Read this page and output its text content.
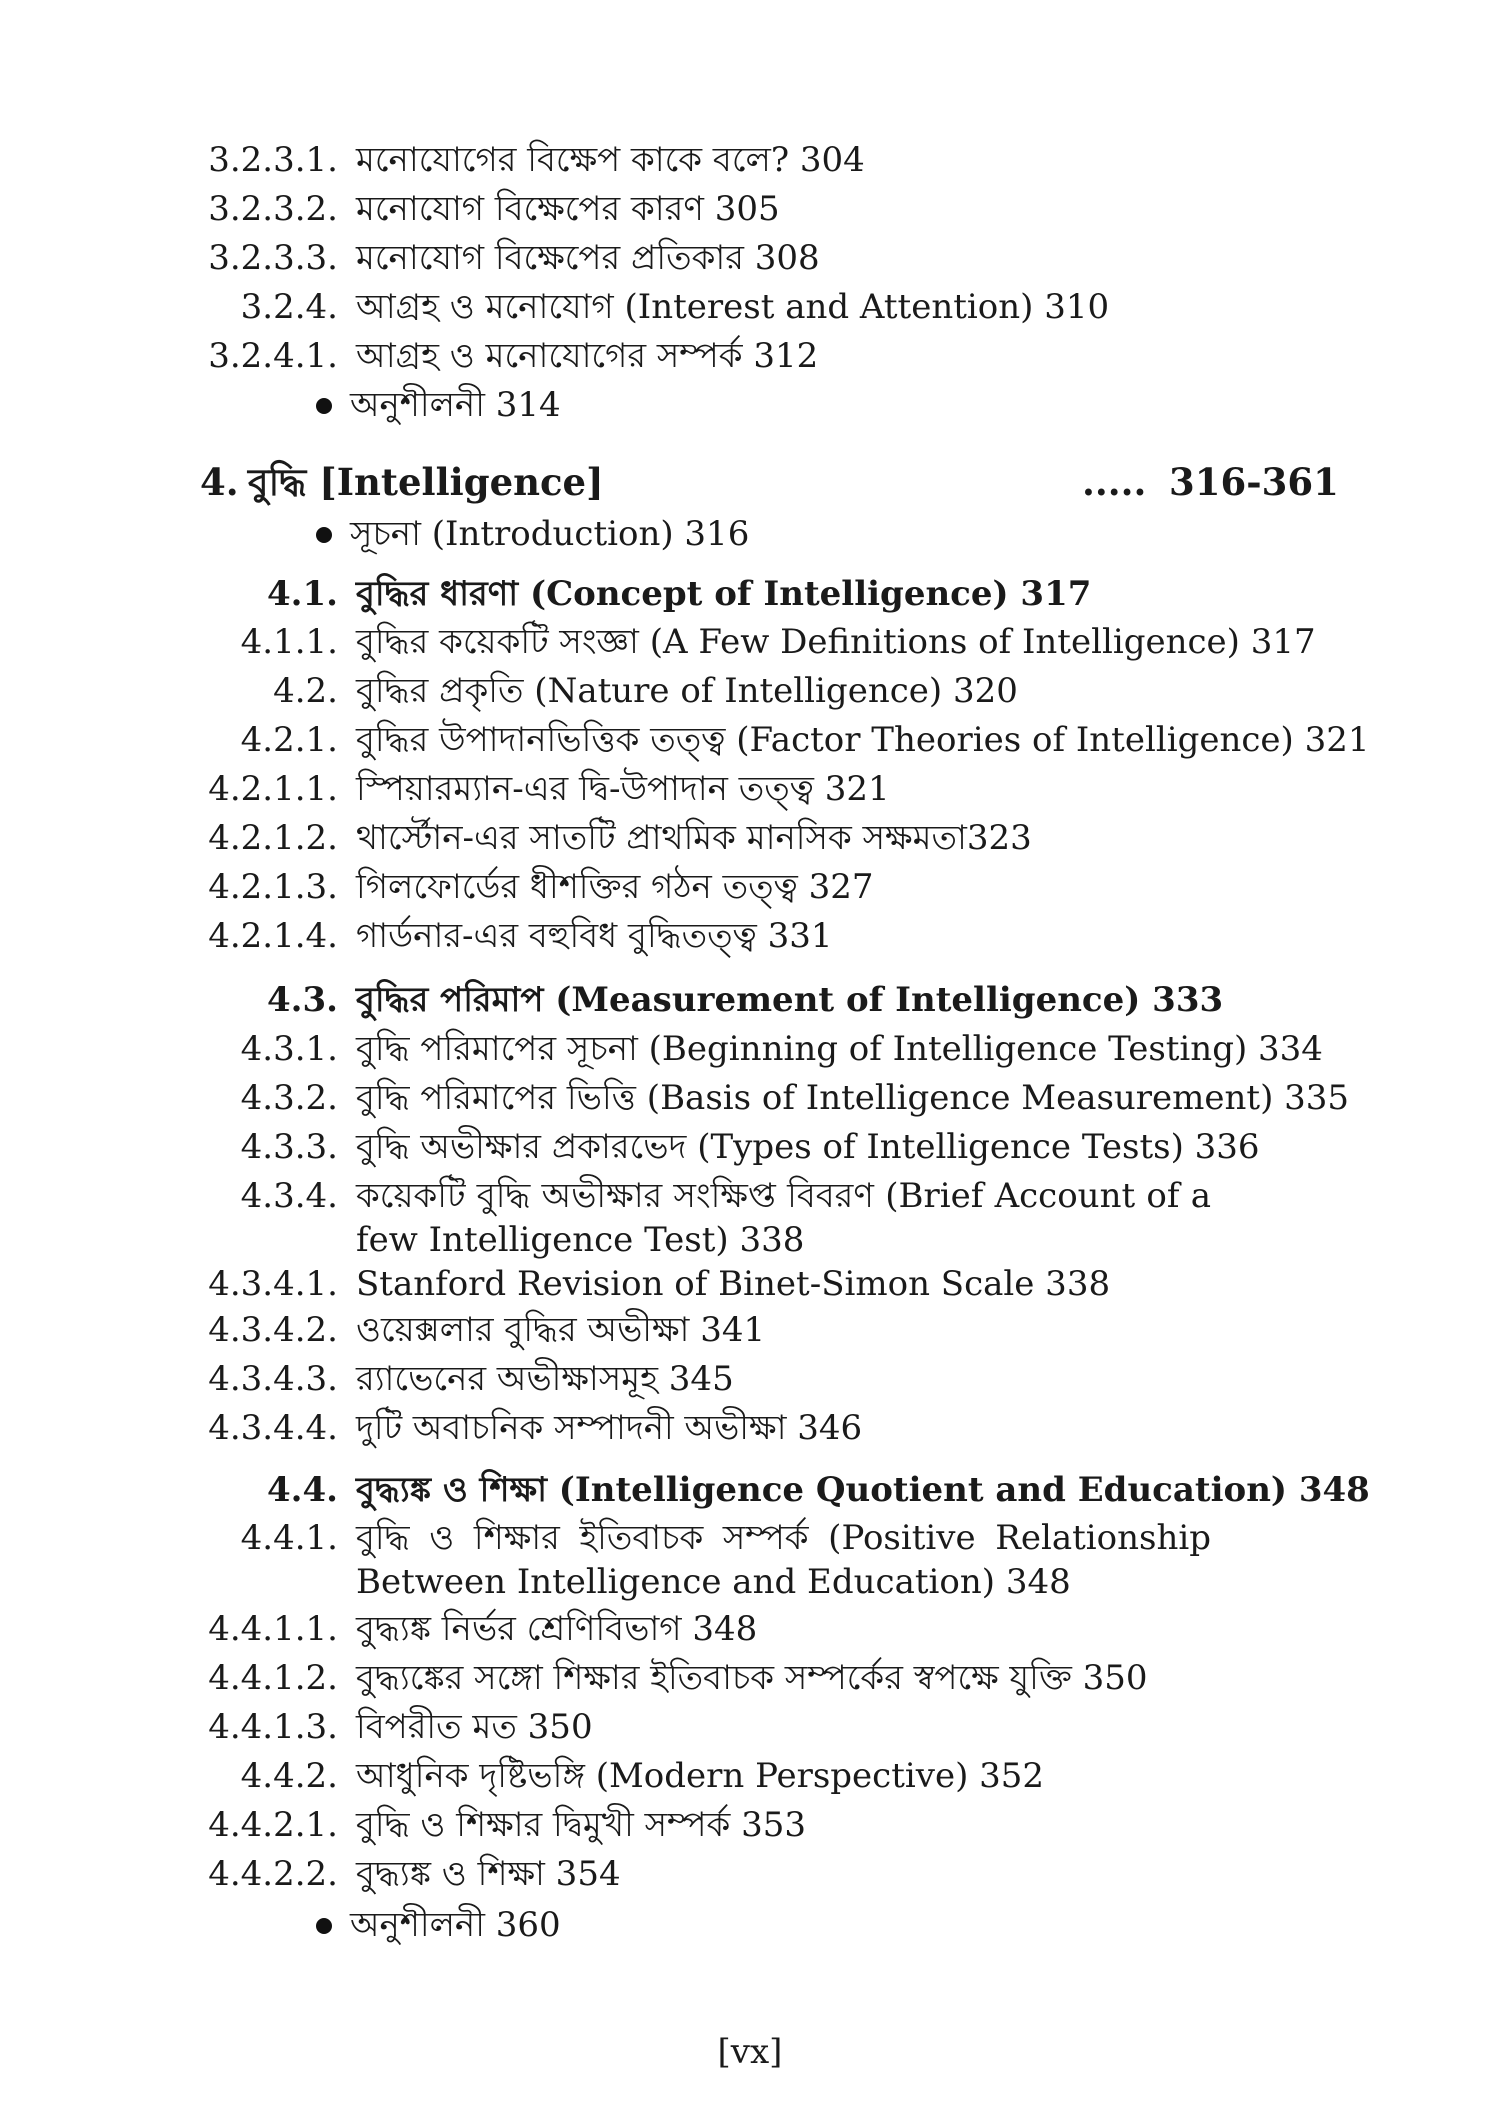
3.2.3.1. মনোযোগের বিক্ষেপ কাকে বলে? 304
3.2.3.2. মনোযোগ বিক্ষেপের কারণ 305
3.2.3.3. মনোযোগ বিক্ষেপের প্রতিকার 308
3.2.4. আগ্রহ ও মনোযোগ (Interest and Attention) 310
3.2.4.1. আগ্রহ ও মনোযোগের সম্পর্ক 312
অনুশীলনী 314
4. বুদ্ধি [Intelligence]	..... 316-361
সূচনা (Introduction) 316
4.1. বুদ্ধির ধারণা (Concept of Intelligence) 317
4.1.1. বুদ্ধির কয়েকটি সংজ্ঞা (A Few Definitions of Intelligence) 317
4.2. বুদ্ধির প্রকৃতি (Nature of Intelligence) 320
4.2.1. বুদ্ধির উপাদানভিত্তিক তত্ত্ব (Factor Theories of Intelligence) 321
4.2.1.1. স্পিয়ারম্যান-এর দ্বি-উপাদান তত্ত্ব 321
4.2.1.2. থার্স্টোন-এর সাতটি প্রাথমিক মানসিক সক্ষমতা323
4.2.1.3. গিলফোর্ডের ধীশক্তির গঠন তত্ত্ব 327
4.2.1.4. গার্ডনার-এর বহুবিধ বুদ্ধিতত্ত্ব 331
4.3. বুদ্ধির পরিমাপ (Measurement of Intelligence) 333
4.3.1. বুদ্ধি পরিমাপের সূচনা (Beginning of Intelligence Testing) 334
4.3.2. বুদ্ধি পরিমাপের ভিত্তি (Basis of Intelligence Measurement) 335
4.3.3. বুদ্ধি অভীক্ষার প্রকারভেদ (Types of Intelligence Tests) 336
4.3.4. কয়েকটি বুদ্ধি অভীক্ষার সংক্ষিপ্ত বিবরণ (Brief Account of a few Intelligence Test) 338
4.3.4.1. Stanford Revision of Binet-Simon Scale 338
4.3.4.2. ওয়েক্সলার বুদ্ধির অভীক্ষা 341
4.3.4.3. র‍্যাভেনের অভীক্ষাসমূহ 345
4.3.4.4. দুটি অবাচনিক সম্পাদনী অভীক্ষা 346
4.4. বুদ্ধ্যঙ্ক ও শিক্ষা (Intelligence Quotient and Education) 348
4.4.1. বুদ্ধি ও শিক্ষার ইতিবাচক সম্পর্ক (Positive Relationship Between Intelligence and Education) 348
4.4.1.1. বুদ্ধ্যঙ্ক নির্ভর শ্রেণিবিভাগ 348
4.4.1.2. বুদ্ধ্যঙ্কের সঙ্গো শিক্ষার ইতিবাচক সম্পর্কের স্বপক্ষে যুক্তি 350
4.4.1.3. বিপরীত মত 350
4.4.2. আধুনিক দৃষ্টিভঙ্গি (Modern Perspective) 352
4.4.2.1. বুদ্ধি ও শিক্ষার দ্বিমুখী সম্পর্ক 353
4.4.2.2. বুদ্ধ্যঙ্ক ও শিক্ষা 354
অনুশীলনী 360
[vx]
